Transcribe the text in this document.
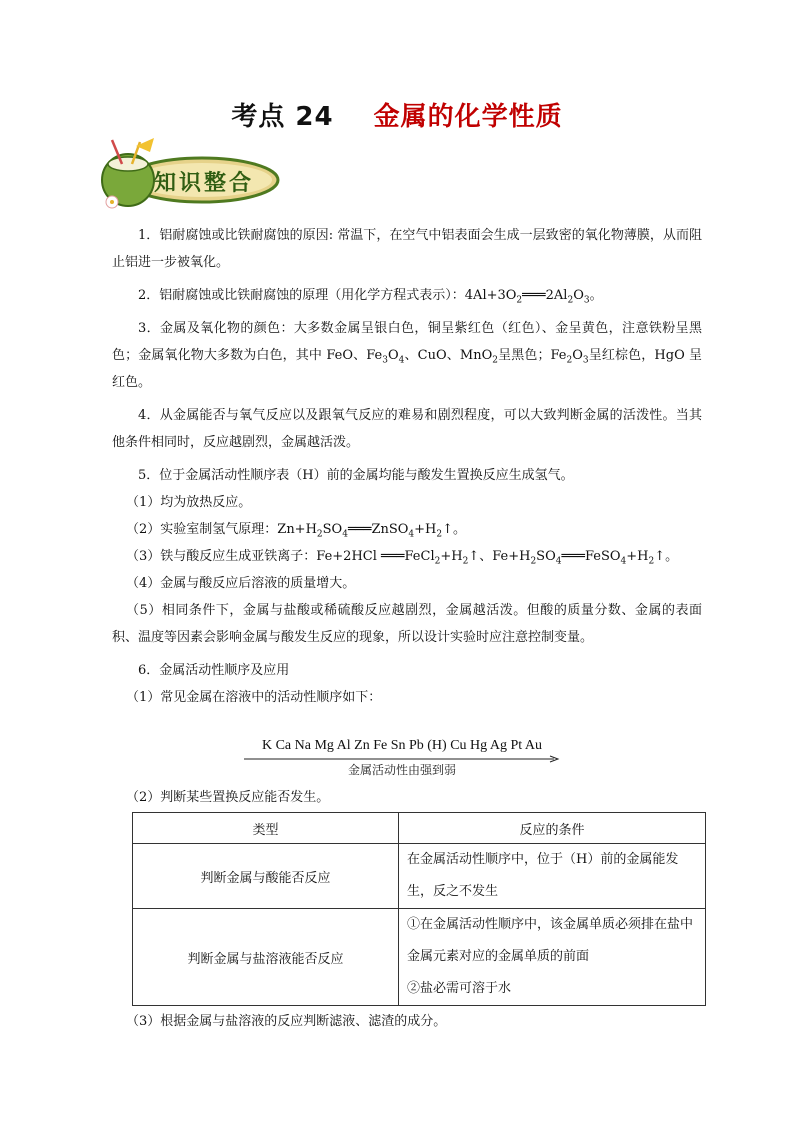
考点 24 金属的化学性质
知识整合

1．铝耐腐蚀或比铁耐腐蚀的原因: 常温下，在空气中铝表面会生成一层致密的氧化物薄膜，从而阻止铝进一步被氧化。

2．铝耐腐蚀或比铁耐腐蚀的原理（用化学方程式表示）：$4Al+3O_2═══2Al_2O_3$。

3．金属及氧化物的颜色：大多数金属呈银白色，铜呈紫红色（红色）、金呈黄色，注意铁粉呈黑色；金属氧化物大多数为白色，其中 FeO、$Fe_3O_4$、CuO、MnO$_2$呈黑色；$Fe_2O_3$呈红棕色，HgO 呈红色。

4．从金属能否与氧气反应以及跟氧气反应的难易和剧烈程度，可以大致判断金属的活泼性。当其他条件相同时，反应越剧烈，金属越活泼。

5．位于金属活动性顺序表（H）前的金属均能与酸发生置换反应生成氢气。

（1）均为放热反应。

（2）实验室制氢气原理：$Zn+H_2SO_4═══ZnSO_4+H_2↑$。

（3）铁与酸反应生成亚铁离子：Fe+2HCl $═══FeCl_2+H_2↑$、$Fe+H_2SO_4═══FeSO_4+H_2↑$。

（4）金属与酸反应后溶液的质量增大。

（5）相同条件下，金属与盐酸或稀硫酸反应越剧烈，金属越活泼。但酸的质量分数、金属的表面积、温度等因素会影响金属与酸发生反应的现象，所以设计实验时应注意控制变量。

6．金属活动性顺序及应用

（1）常见金属在溶液中的活动性顺序如下：

K Ca Na Mg Al Zn Fe Sn Pb (H) Cu Hg Ag Pt Au
金属活动性由强到弱
（2）判断某些置换反应能否发生。
类型	反应的条件
判断金属与酸能否反应	在金属活动性顺序中，位于（H）前的金属能发生，反之不发生
判断金属与盐溶液能否反应	①在金属活动性顺序中，该金属单质必须排在盐中金属元素对应的金属单质的前面
②盐必需可溶于水
（3）根据金属与盐溶液的反应判断滤液、滤渣的成分。
